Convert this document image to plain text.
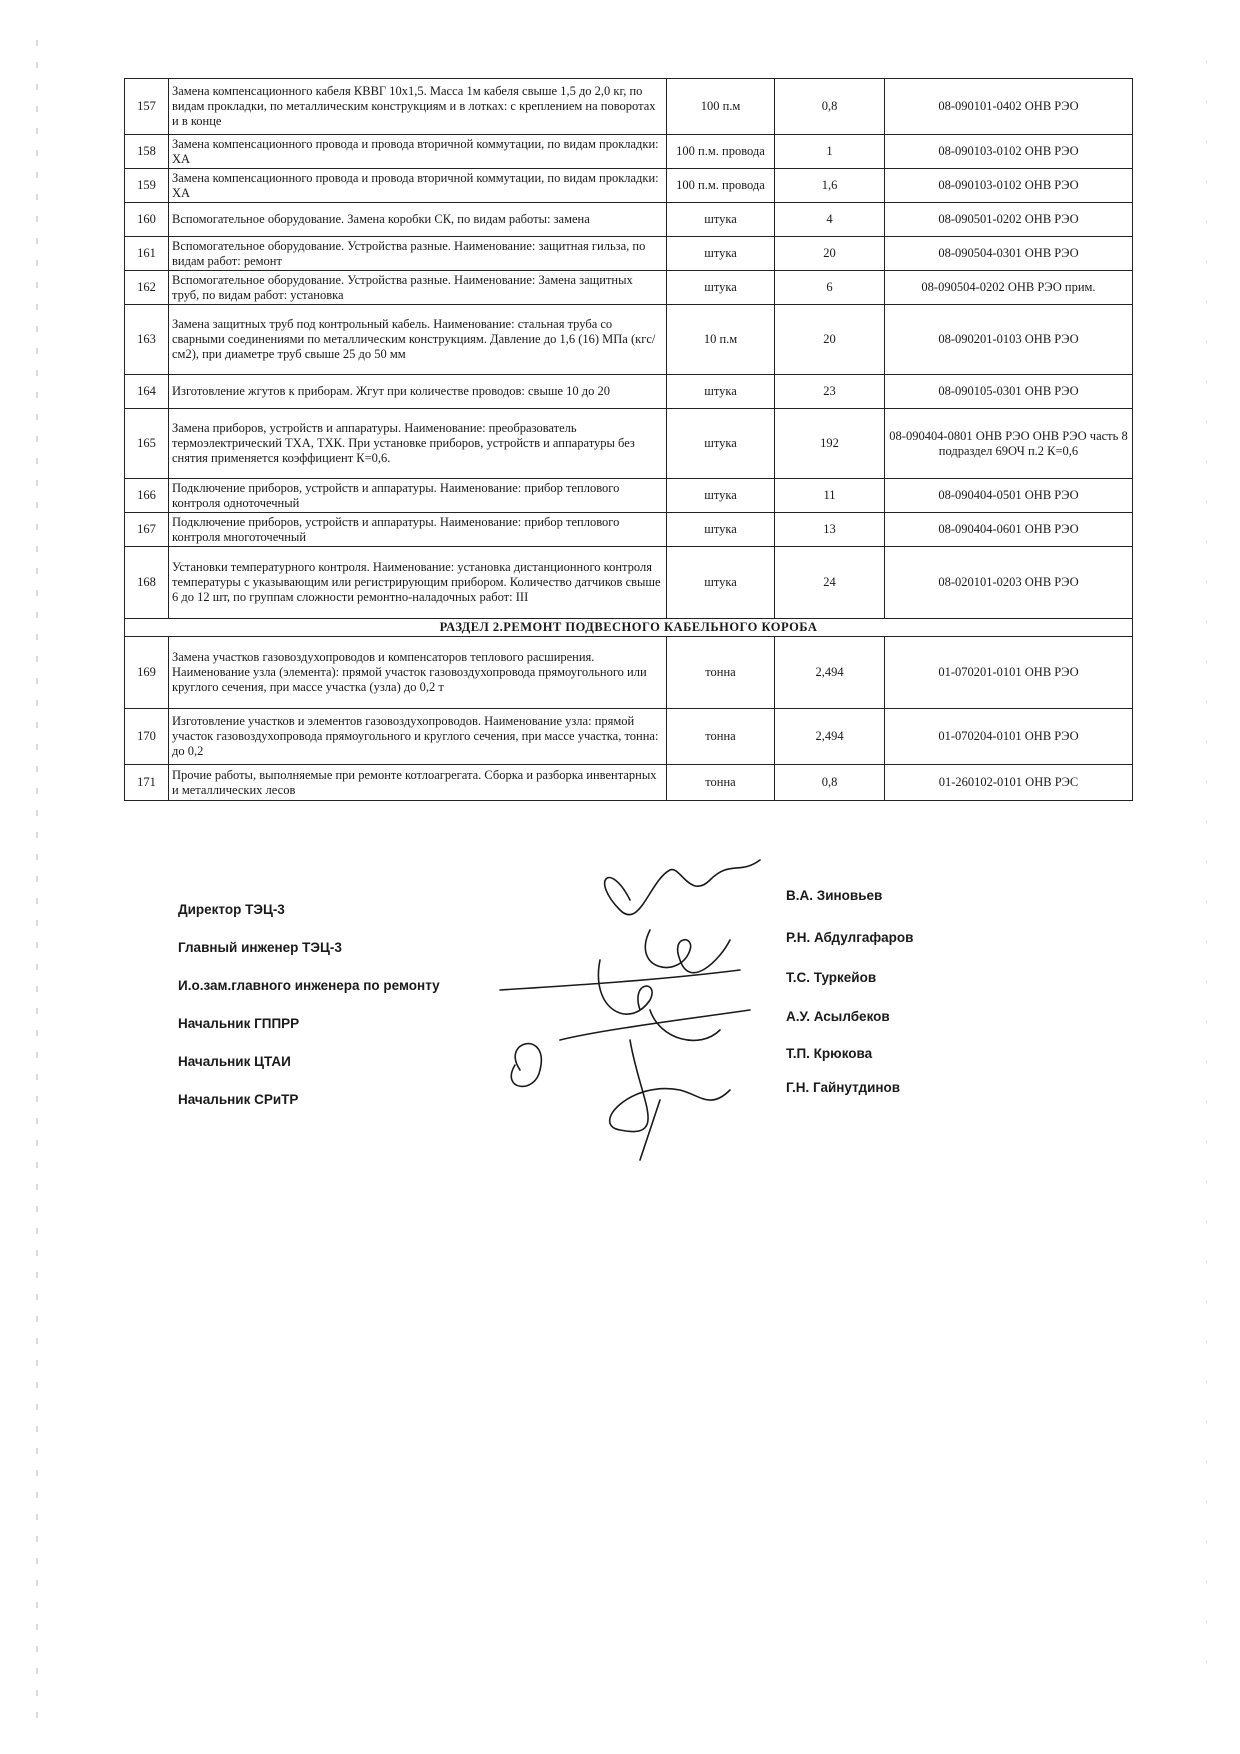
157	Замена компенсационного кабеля КВВГ 10х1,5. Масса 1м кабеля свыше 1,5 до 2,0 кг, по видам прокладки, по металлическим конструкциям и в лотках: с креплением на поворотах и в конце	100 п.м	0,8	08-090101-0402 ОНВ РЭО
158	Замена компенсационного провода и провода вторичной коммутации, по видам прокладки: ХА	100 п.м. провода	1	08-090103-0102 ОНВ РЭО
159	Замена компенсационного провода и провода вторичной коммутации, по видам прокладки: ХА	100 п.м. провода	1,6	08-090103-0102 ОНВ РЭО
160	Вспомогательное оборудование. Замена коробки СК, по видам работы: замена	штука	4	08-090501-0202 ОНВ РЭО
161	Вспомогательное оборудование. Устройства разные. Наименование: защитная гильза, по видам работ: ремонт	штука	20	08-090504-0301 ОНВ РЭО
162	Вспомогательное оборудование. Устройства разные. Наименование: Замена защитных труб, по видам работ: установка	штука	6	08-090504-0202 ОНВ РЭО прим.
163	Замена защитных труб под контрольный кабель. Наименование: стальная труба со сварными соединениями по металлическим конструкциям. Давление до 1,6 (16) МПа (кгс/см2), при диаметре труб свыше 25 до 50 мм	10 п.м	20	08-090201-0103 ОНВ РЭО
164	Изготовление жгутов к приборам. Жгут при количестве проводов: свыше 10 до 20	штука	23	08-090105-0301 ОНВ РЭО
165	Замена приборов, устройств и аппаратуры. Наименование: преобразователь термоэлектрический ТХА, ТХК. При установке приборов, устройств и аппаратуры без снятия применяется коэффициент К=0,6.	штука	192	08-090404-0801 ОНВ РЭО ОНВ РЭО часть 8 подраздел 69ОЧ п.2 К=0,6
166	Подключение приборов, устройств и аппаратуры. Наименование: прибор теплового контроля одноточечный	штука	11	08-090404-0501 ОНВ РЭО
167	Подключение приборов, устройств и аппаратуры. Наименование: прибор теплового контроля многоточечный	штука	13	08-090404-0601 ОНВ РЭО
168	Установки температурного контроля. Наименование: установка дистанционного контроля температуры с указывающим или регистрирующим прибором. Количество датчиков свыше 6 до 12 шт, по группам сложности ремонтно-наладочных работ: III	штука	24	08-020101-0203 ОНВ РЭО
РАЗДЕЛ 2.РЕМОНТ ПОДВЕСНОГО КАБЕЛЬНОГО КОРОБА				
169	Замена участков газовоздухопроводов и компенсаторов теплового расширения. Наименование узла (элемента): прямой участок газовоздухопровода прямоугольного или круглого сечения, при массе участка (узла) до 0,2 т	тонна	2,494	01-070201-0101 ОНВ РЭО
170	Изготовление участков и элементов газовоздухопроводов. Наименование узла: прямой участок газовоздухопровода прямоугольного и круглого сечения, при массе участка, тонна: до 0,2	тонна	2,494	01-070204-0101 ОНВ РЭО
171	Прочие работы, выполняемые при ремонте котлоагрегата. Сборка и разборка инвентарных и металлических лесов	тонна	0,8	01-260102-0101 ОНВ РЭС
Директор ТЭЦ-3
В.А. Зиновьев
Главный инженер ТЭЦ-3
Р.Н. Абдулгафаров
И.о.зам.главного инженера по ремонту
Т.С. Туркейов
Начальник ГППРР	А.У. Асылбеков
Начальник ЦТАИ
Т.П. Крюкова
Начальник СРиТР
Г.Н. Гайнутдинов
